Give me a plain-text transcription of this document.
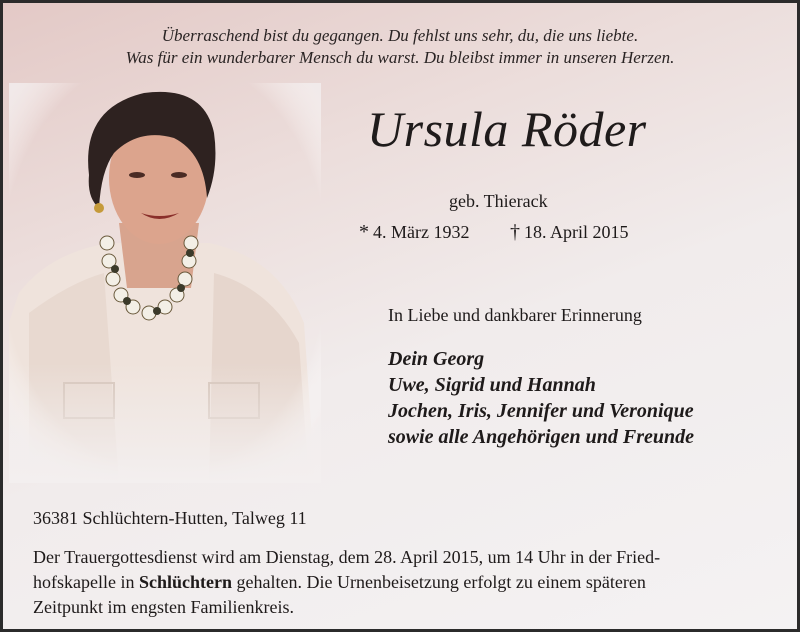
Überraschend bist du gegangen. Du fehlst uns sehr, du, die uns liebte.
Was für ein wunderbarer Mensch du warst. Du bleibst immer in unseren Herzen.
Ursula Röder
geb. Thierack
* 4. März 1932 † 18. April 2015
In Liebe und dankbarer Erinnerung
Dein Georg
Uwe, Sigrid und Hannah
Jochen, Iris, Jennifer und Veronique
sowie alle Angehörigen und Freunde
36381 Schlüchtern-Hutten, Talweg 11
Der Trauergottesdienst wird am Dienstag, dem 28. April 2015, um 14 Uhr in der Fried-
hofskapelle in Schlüchtern gehalten. Die Urnenbeisetzung erfolgt zu einem späteren
Zeitpunkt im engsten Familienkreis.
